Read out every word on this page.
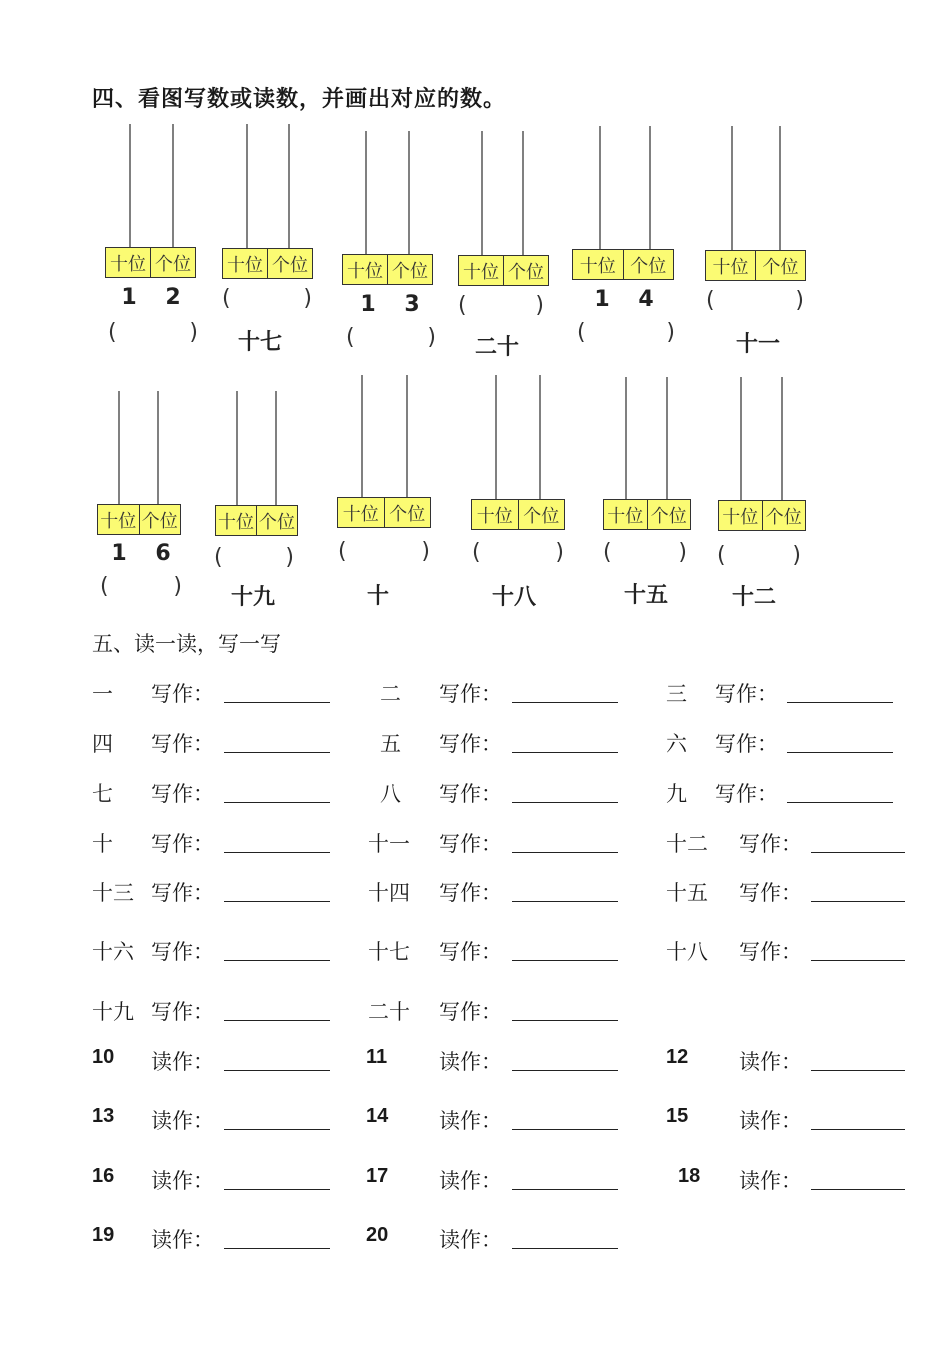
四、看图写数或读数，并画出对应的数。
十位 个位
1 2
(	)
十位 个位
(	)
十七
十位 个位
1 3
(	)
十位 个位
(	)
二十
十位 个位
1 4
(	)
十位 个位
(	)
十一
十位 个位
1 6
(	)
十位 个位
(	)
十九
十位 个位
(	)
十
十位 个位
(	)
十八
十位 个位
(	)
十五
十位 个位
(	)
十二
五、读一读，写一写
一 写作：	二 写作：	三 写作：
四 写作：	五 写作：	六 写作：
七 写作：	八 写作：	九 写作：
十 写作：	十一 写作：	十二 写作：
十三 写作：	十四 写作：	十五 写作：
十六 写作：	十七 写作：	十八 写作：
十九 写作：	二十 写作：
10 读作：	11 读作：	12 读作：
13 读作：	14 读作：	15 读作：
16 读作：	17 读作：	18 读作：
19 读作：	20 读作：
